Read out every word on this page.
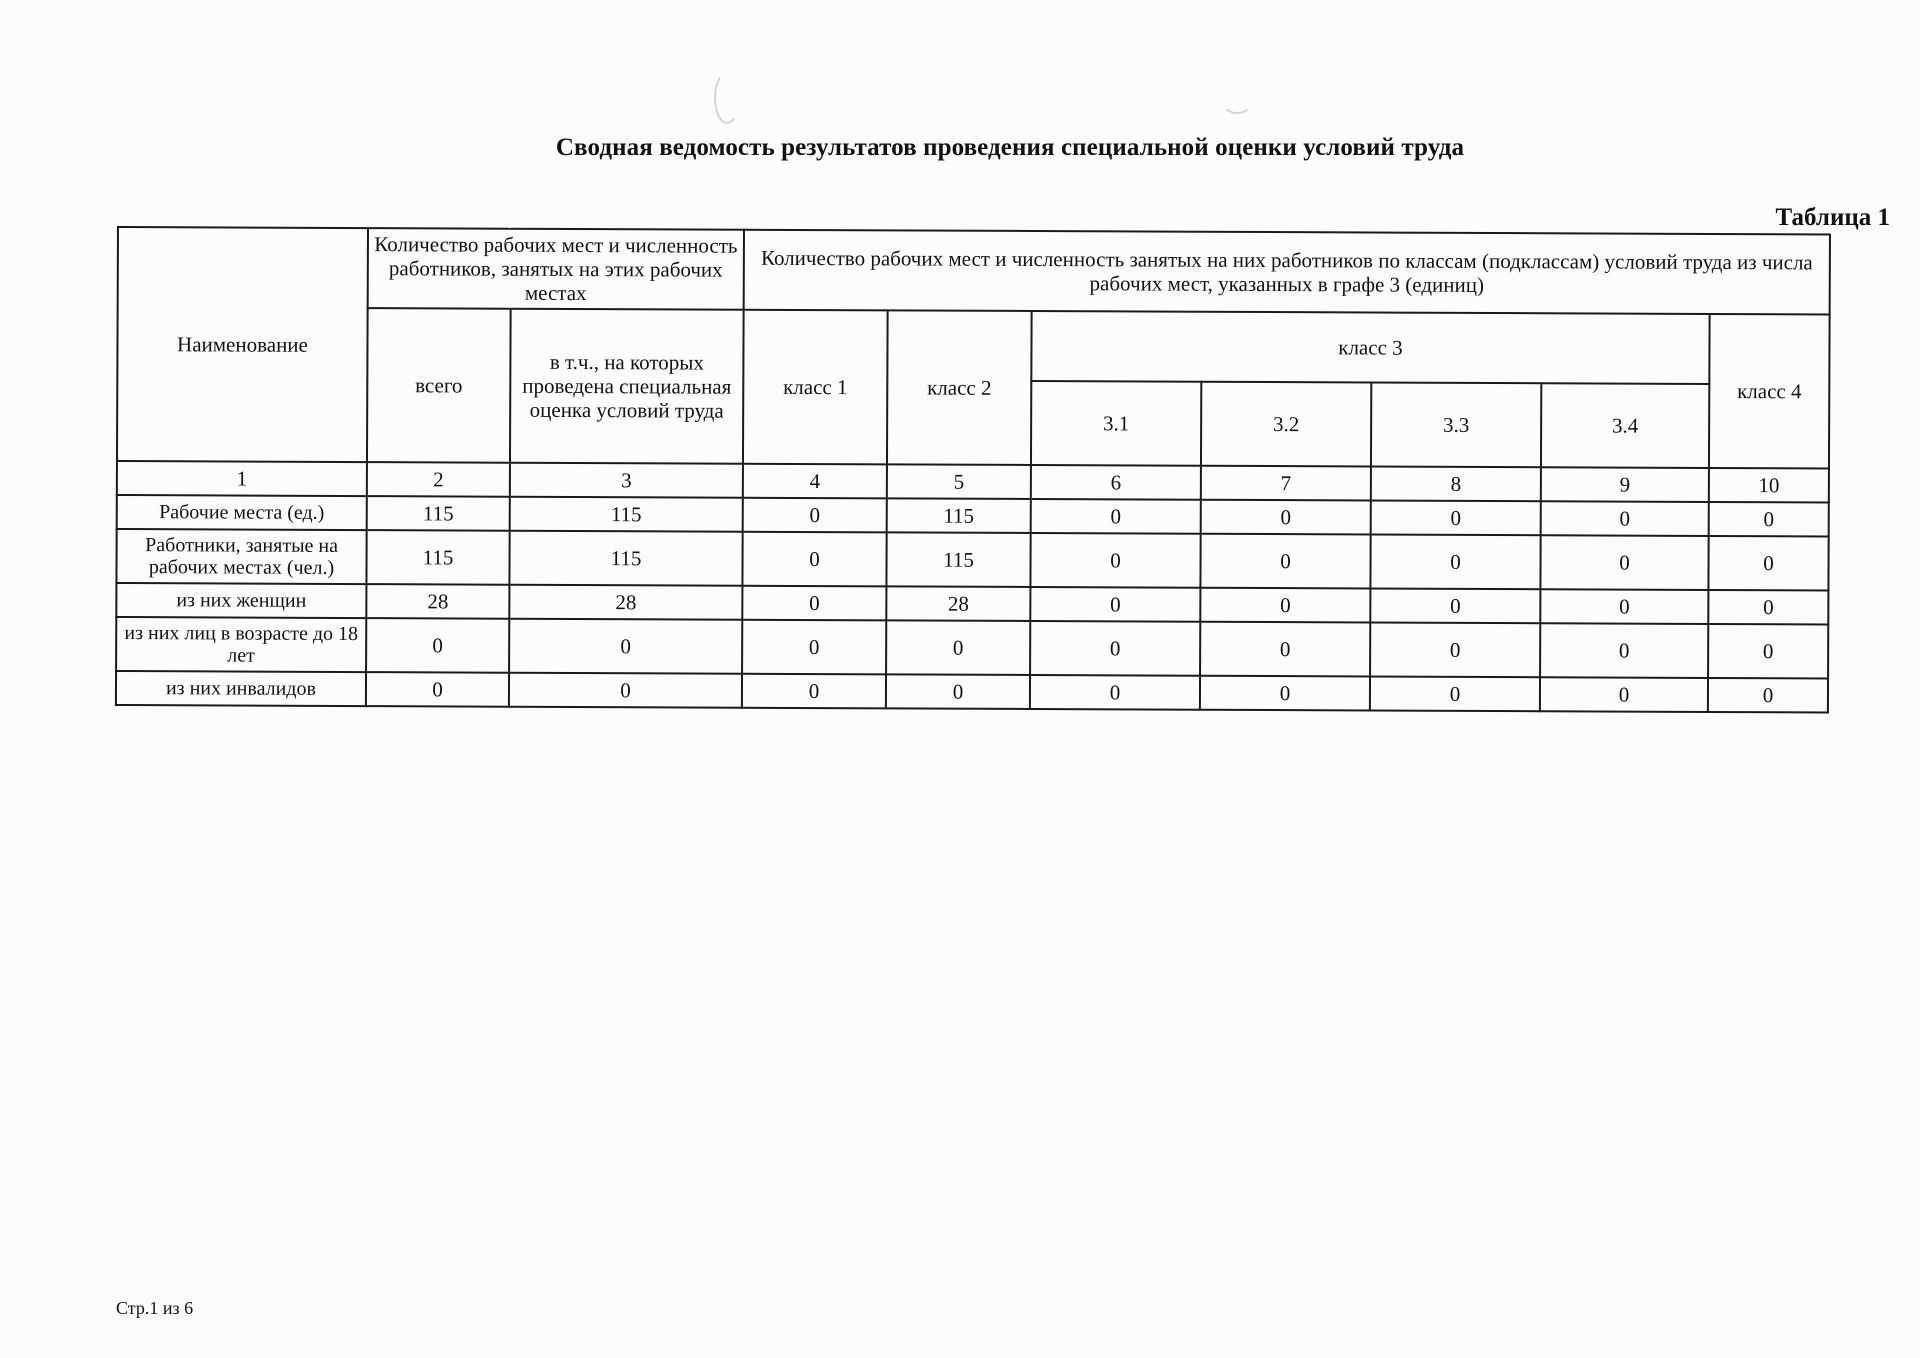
Сводная ведомость результатов проведения специальной оценки условий труда
Таблица 1
Наименование	Количество рабочих мест и численность работников, занятых на этих рабочих местах		Количество рабочих мест и численность занятых на них работников по классам (подклассам) условий труда из числа рабочих мест, указанных в графе 3 (единиц)						
	всего	в т.ч., на которых проведена специальная оценка условий труда	класс 1	класс 2	класс 3				класс 4
					3.1	3.2	3.3	3.4	
1	2	3	4	5	6	7	8	9	10
Рабочие места (ед.)	115	115	0	115	0	0	0	0	0
Работники, занятые на рабочих местах (чел.)	115	115	0	115	0	0	0	0	0
из них женщин	28	28	0	28	0	0	0	0	0
из них лиц в возрасте до 18 лет	0	0	0	0	0	0	0	0	0
из них инвалидов	0	0	0	0	0	0	0	0	0
Стр.1 из 6
